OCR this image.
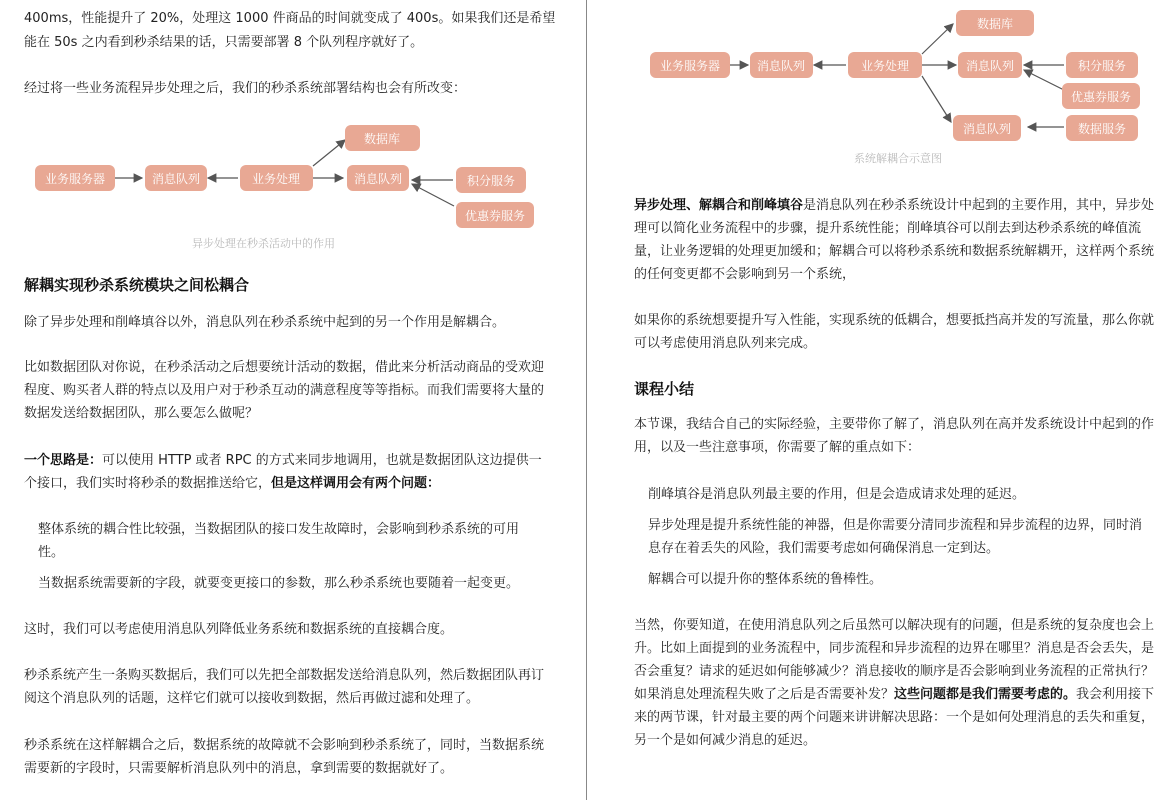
400ms，性能提升了 20%，处理这 1000 件商品的时间就变成了 400s。如果我们还是希望
能在 50s 之内看到秒杀结果的话，只需要部署 8 个队列程序就好了。
经过将一些业务流程异步处理之后，我们的秒杀系统部署结构也会有所改变：
业务服务器	消息队列	业务处理
数据库
消息队列	积分服务
优惠券服务
异步处理在秒杀活动中的作用
解耦实现秒杀系统模块之间松耦合
除了异步处理和削峰填谷以外，消息队列在秒杀系统中起到的另一个作用是解耦合。
比如数据团队对你说，在秒杀活动之后想要统计活动的数据，借此来分析活动商品的受欢迎
程度、购买者人群的特点以及用户对于秒杀互动的满意程度等等指标。而我们需要将大量的
数据发送给数据团队，那么要怎么做呢？
一个思路是：可以使用 HTTP 或者 RPC 的方式来同步地调用，也就是数据团队这边提供一
个接口，我们实时将秒杀的数据推送给它，但是这样调用会有两个问题：
整体系统的耦合性比较强，当数据团队的接口发生故障时，会影响到秒杀系统的可用
性。
当数据系统需要新的字段，就要变更接口的参数，那么秒杀系统也要随着一起变更。
这时，我们可以考虑使用消息队列降低业务系统和数据系统的直接耦合度。
秒杀系统产生一条购买数据后，我们可以先把全部数据发送给消息队列，然后数据团队再订
阅这个消息队列的话题，这样它们就可以接收到数据，然后再做过滤和处理了。
秒杀系统在这样解耦合之后，数据系统的故障就不会影响到秒杀系统了，同时，当数据系统
需要新的字段时，只需要解析消息队列中的消息，拿到需要的数据就好了。
业务服务器	消息队列	业务处理
数据库
消息队列	积分服务
优惠券服务
消息队列	数据服务
系统解耦合示意图
异步处理、解耦合和削峰填谷是消息队列在秒杀系统设计中起到的主要作用，其中，异步处
理可以简化业务流程中的步骤，提升系统性能；削峰填谷可以削去到达秒杀系统的峰值流
量，让业务逻辑的处理更加缓和；解耦合可以将秒杀系统和数据系统解耦开，这样两个系统
的任何变更都不会影响到另一个系统，
如果你的系统想要提升写入性能，实现系统的低耦合，想要抵挡高并发的写流量，那么你就
可以考虑使用消息队列来完成。
课程小结
本节课，我结合自己的实际经验，主要带你了解了，消息队列在高并发系统设计中起到的作
用，以及一些注意事项，你需要了解的重点如下：
削峰填谷是消息队列最主要的作用，但是会造成请求处理的延迟。
异步处理是提升系统性能的神器，但是你需要分清同步流程和异步流程的边界，同时消
息存在着丢失的风险，我们需要考虑如何确保消息一定到达。
解耦合可以提升你的整体系统的鲁棒性。
当然，你要知道，在使用消息队列之后虽然可以解决现有的问题，但是系统的复杂度也会上
升。比如上面提到的业务流程中，同步流程和异步流程的边界在哪里？消息是否会丢失，是
否会重复？请求的延迟如何能够减少？消息接收的顺序是否会影响到业务流程的正常执行？
如果消息处理流程失败了之后是否需要补发？这些问题都是我们需要考虑的。我会利用接下
来的两节课，针对最主要的两个问题来讲讲解决思路：一个是如何处理消息的丢失和重复，
另一个是如何减少消息的延迟。
